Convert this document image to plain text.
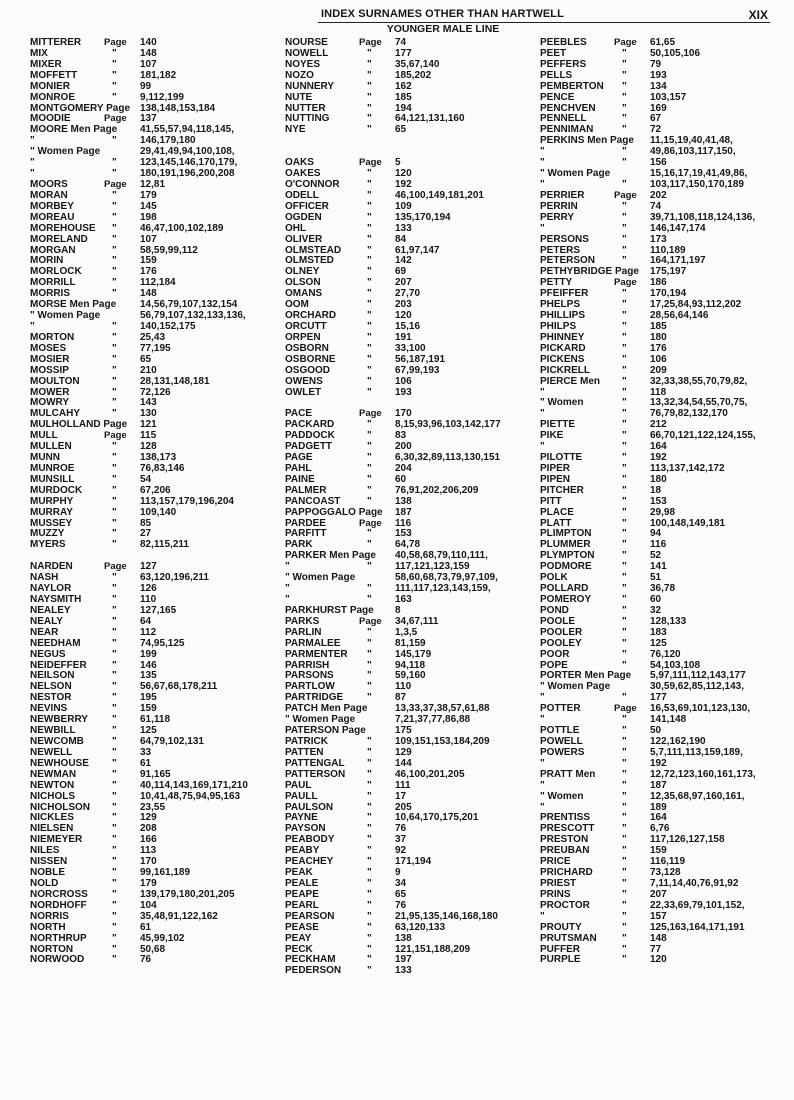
INDEX SURNAMES OTHER THAN HARTWELL	XIX
YOUNGER MALE LINE
MITTERER Page 140
MIX	" 148
MIXER	" 107
MOFFETT	" 181,182
MONIER	" 99
MONROE	" 9,112,199
MONTGOMERY Page 138,148,153,184
MOODIE	Page 137
MOORE Men Page 41,55,57,94,118,145,
"	" 146,179,180
" Women Page	29,41,49,94,100,108,
"	" 123,145,146,170,179,
"	" 180,191,196,200,208
MOORS	Page 12,81
MORAN	" 179
MORBEY	" 145
MOREAU	" 198
MOREHOUSE " 46,47,100,102,189
MORELAND " 107
MORGAN	" 58,59,99,112
MORIN	" 159
MORLOCK	" 176
MORRILL	" 112,184
MORRIS	" 148
MORSE Men Page 14,56,79,107,132,154
" Women Page	56,79,107,132,133,136,
"	" 140,152,175
MORTON	" 25,43
MOSES	" 77,195
MOSIER	" 65
MOSSIP	" 210
MOULTON	" 28,131,148,181
MOWER	" 72,126
MOWRY	" 143
MULCAHY	" 130
MULHOLLAND Page 121
MULL	Page 115
MULLEN	" 128
MUNN	" 138,173
MUNROE	" 76,83,146
MUNSILL	" 54
MURDOCK	" 67,206
MURPHY	" 113,157,179,196,204
MURRAY	" 109,140
MUSSEY	" 85
MUZZY	" 27
MYERS	" 82,115,211
NARDEN	Page 127
NASH	" 63,120,196,211
NAYLOR	" 126
NAYSMITH	" 110
NEALEY	" 127,165
NEALY	" 64
NEAR	" 112
NEEDHAM	" 74,95,125
NEGUS	" 199
NEIDEFFER	" 146
NEILSON	" 135
NELSON	" 56,67,68,178,211
NESTOR	" 195
NEVINS	" 159
NEWBERRY " 61,118
NEWBILL	" 125
NEWCOMB	" 64,79,102,131
NEWELL	" 33
NEWHOUSE " 61
NEWMAN	" 91,165
NEWTON	" 40,114,143,169,171,210
NICHOLS	" 10,41,48,75,94,95,163
NICHOLSON " 23,55
NICKLES	" 129
NIELSEN	" 208
NIEMEYER	" 166
NILES	" 113
NISSEN	" 170
NOBLE	" 99,161,189
NOLD	" 179
NORCROSS " 139,179,180,201,205
NORDHOFF	" 104
NORRIS	" 35,48,91,122,162
NORTH	" 61
NORTHRUP	" 45,99,102
NORTON	" 50,68
NORWOOD	" 76
NOURSE	Page 74
NOWELL	" 177
NOYES	" 35,67,140
NOZO	" 185,202
NUNNERY	" 162
NUTE	" 185
NUTTER	" 194
NUTTING	" 64,121,131,160
NYE	" 65
OAKS	Page 5
OAKES	" 120
O'CONNOR	" 192
ODELL	" 46,100,149,181,201
OFFICER	" 109
OGDEN	" 135,170,194
OHL	" 133
OLIVER	" 84
OLMSTEAD	" 61,97,147
OLMSTED	" 142
OLNEY	" 69
OLSON	" 207
OMANS	" 27,70
OOM	" 203
ORCHARD	" 120
ORCUTT	" 15,16
ORPEN	" 191
OSBORN	" 33,100
OSBORNE	" 56,187,191
OSGOOD	" 67,99,193
OWENS	" 106
OWLET	" 193
PACE	Page 170
PACKARD	" 8,15,93,96,103,142,177
PADDOCK	" 83
PADGETT	" 200
PAGE	" 6,30,32,89,113,130,151
PAHL	" 204
PAINE	" 60
PALMER	" 76,91,202,206,209
PANCOAST	" 138
PAPPOGGALO Page 187
PARDEE	Page 116
PARFITT	" 153
PARK	" 64,78
PARKER Men Page 40,58,68,79,110,111,
"	" 117,121,123,159
" Women Page	58,60,68,73,79,97,109,
"	" 111,117,123,143,159,
"	" 163
PARKHURST Page 8
PARKS	Page 34,67,111
PARLIN	" 1,3,5
PARMALEE	" 81,159
PARMENTER " 145,179
PARRISH	" 94,118
PARSONS	" 59,160
PARTLOW	" 110
PARTRIDGE " 87
PATCH Men Page	13,33,37,38,57,61,88
" Women Page	7,21,37,77,86,88
PATERSON Page	175
PATRICK	" 109,151,153,184,209
PATTEN	" 129
PATTENGAL " 144
PATTERSON " 46,100,201,205
PAUL	" 111
PAULL	" 17
PAULSON	" 205
PAYNE	" 10,64,170,175,201
PAYSON	" 76
PEABODY	" 37
PEABY	" 92
PEACHEY	" 171,194
PEAK	" 9
PEALE	" 34
PEAPE	" 65
PEARL	" 76
PEARSON	" 21,95,135,146,168,180
PEASE	" 63,120,133
PEAY	" 138
PECK	" 121,151,188,209
PECKHAM	" 197
PEDERSON	" 133
PEEBLES	Page 61,65
PEET	" 50,105,106
PEFFERS	" 79
PELLS	" 193
PEMBERTON " 134
PENCE	" 103,157
PENCHVEN	" 169
PENNELL	" 67
PENNIMAN	" 72
PERKINS Men Page 11,15,19,40,41,48,
"	" 49,86,103,117,150,
"	" 156
" Women Page	15,16,17,19,41,49,86,
"	" 103,117,150,170,189
PERRIER	Page 202
PERRIN	" 74
PERRY	" 39,71,108,118,124,136,
"	" 146,147,174
PERSONS	" 173
PETERS	" 110,189
PETERSON	" 164,171,197
PETHYBRIDGE Page 175,197
PETTY	Page 186
PFEIFFER	" 170,194
PHELPS	" 17,25,84,93,112,202
PHILLIPS	" 28,56,64,146
PHILPS	" 185
PHINNEY	" 180
PICKARD	" 176
PICKENS	" 106
PICKRELL	" 209
PIERCE Men " 32,33,38,55,70,79,82,
"	" 118
" Women	" 13,32,34,54,55,70,75,
"	" 76,79,82,132,170
PIETTE	" 212
PIKE	" 66,70,121,122,124,155,
"	" 164
PILOTTE	" 192
PIPER	" 113,137,142,172
PIPEN	" 180
PITCHER	" 18
PITT	" 153
PLACE	" 29,98
PLATT	" 100,148,149,181
PLIMPTON	" 94
PLUMMER	" 116
PLYMPTON	" 52
PODMORE	" 141
POLK	" 51
POLLARD	" 36,78
POMEROY	" 60
POND	" 32
POOLE	" 128,133
POOLER	" 183
POOLEY	" 125
POOR	" 76,120
POPE	" 54,103,108
PORTER Men Page 5,97,111,112,143,177
" Women Page	30,59,62,85,112,143,
"	" 177
POTTER	Page 16,53,69,101,123,130,
"	" 141,148
POTTLE	" 50
POWELL	" 122,162,190
POWERS	" 5,7,111,113,159,189,
"	" 192
PRATT Men	" 12,72,123,160,161,173,
"	" 187
" Women	" 12,35,68,97,160,161,
"	" 189
PRENTISS	" 164
PRESCOTT	" 6,76
PRESTON	" 117,126,127,158
PREUBAN	" 159
PRICE	" 116,119
PRICHARD	" 73,128
PRIEST	" 7,11,14,40,76,91,92
PRINS	" 207
PROCTOR	" 22,33,69,79,101,152,
"	" 157
PROUTY	" 125,163,164,171,191
PRUTSMAN	" 148
PUFFER	" 77
PURPLE	" 120
